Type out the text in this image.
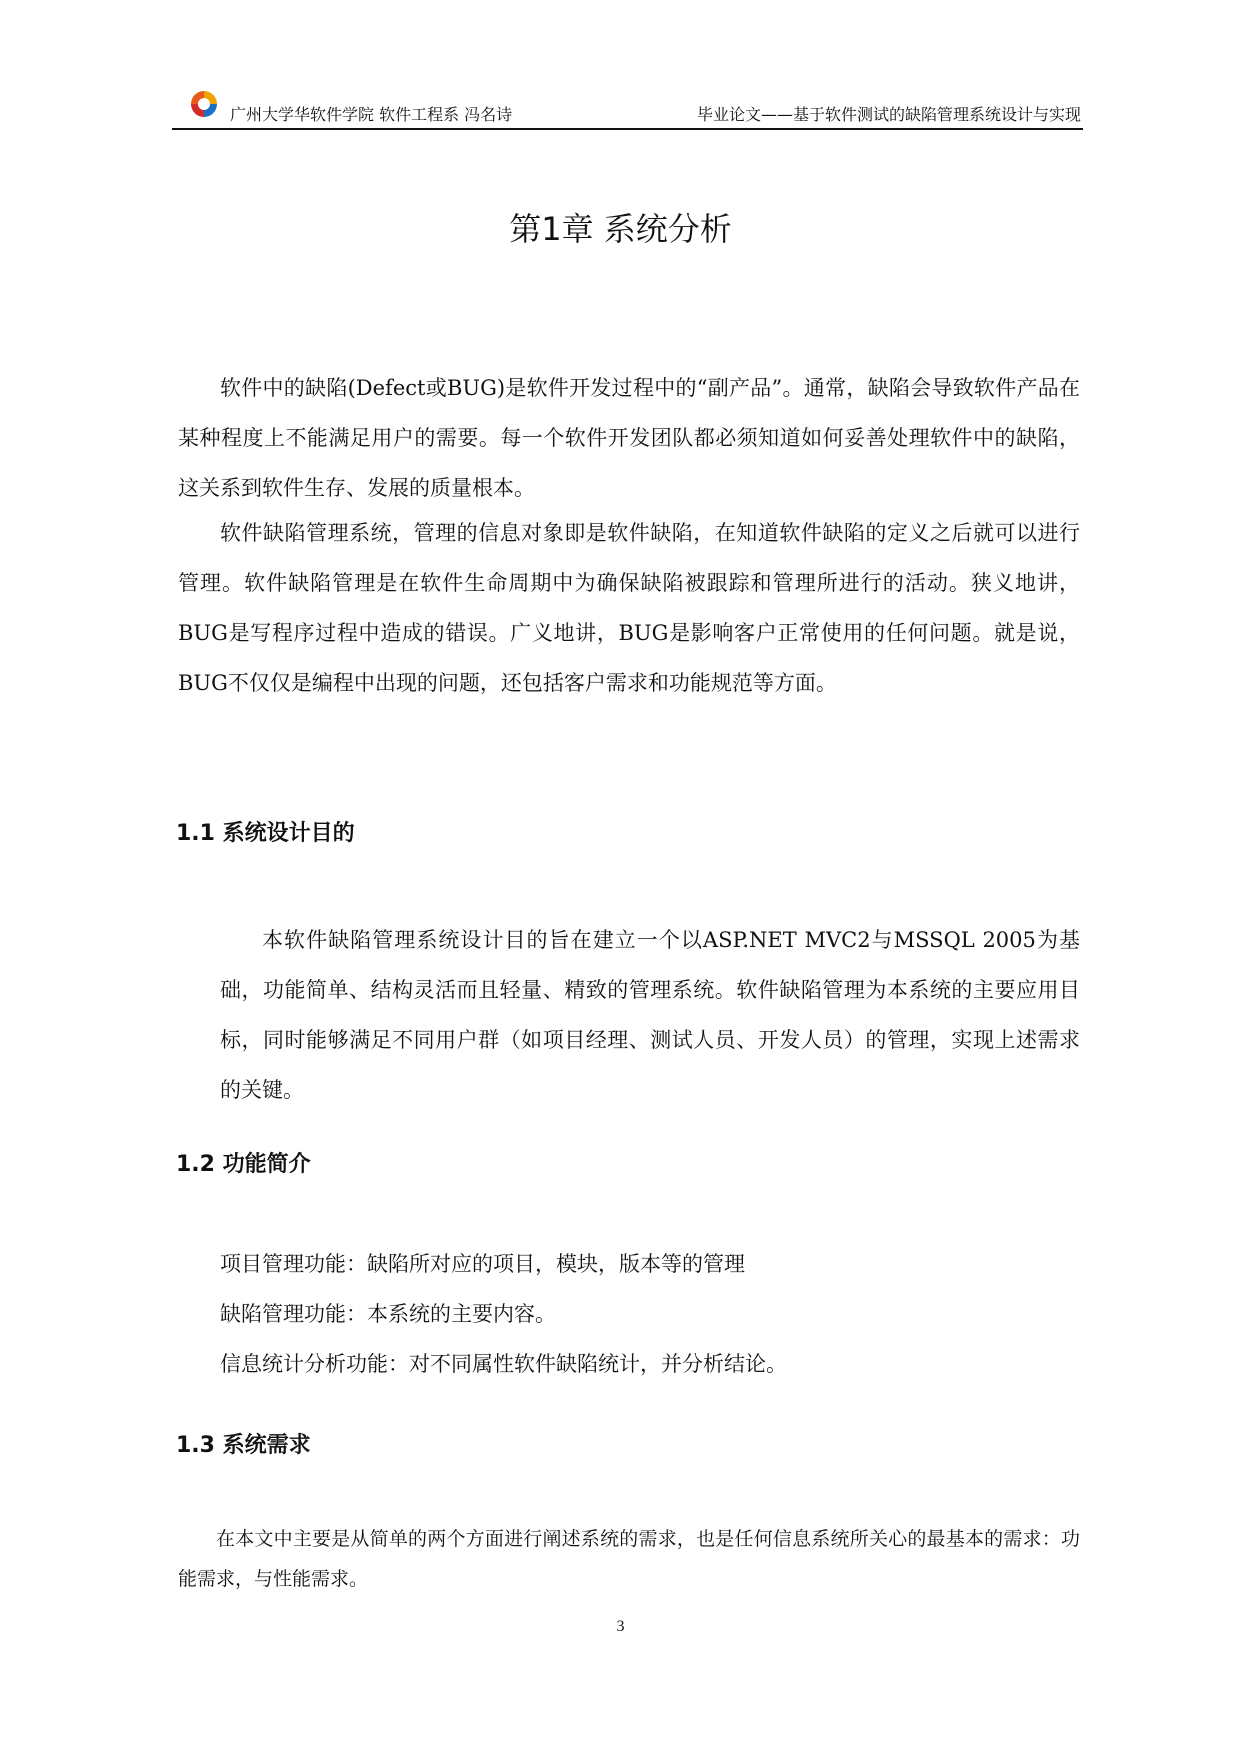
广州大学华软件学院 软件工程系 冯名诗	毕业论文——基于软件测试的缺陷管理系统设计与实现
第1章 系统分析

软件中的缺陷(Defect或BUG)是软件开发过程中的“副产品”。通常，缺陷会导致软件产品在某种程度上不能满足用户的需要。每一个软件开发团队都必须知道如何妥善处理软件中的缺陷，这关系到软件生存、发展的质量根本。

软件缺陷管理系统，管理的信息对象即是软件缺陷，在知道软件缺陷的定义之后就可以进行管理。软件缺陷管理是在软件生命周期中为确保缺陷被跟踪和管理所进行的活动。狭义地讲，BUG是写程序过程中造成的错误。广义地讲，BUG是影响客户正常使用的任何问题。就是说，BUG不仅仅是编程中出现的问题，还包括客户需求和功能规范等方面。

1.1 系统设计目的

本软件缺陷管理系统设计目的旨在建立一个以ASP.NET MVC2与MSSQL 2005为基础，功能简单、结构灵活而且轻量、精致的管理系统。软件缺陷管理为本系统的主要应用目标，同时能够满足不同用户群（如项目经理、测试人员、开发人员）的管理，实现上述需求的关键。

1.2 功能简介

项目管理功能：缺陷所对应的项目，模块，版本等的管理

缺陷管理功能：本系统的主要内容。

信息统计分析功能：对不同属性软件缺陷统计，并分析结论。

1.3 系统需求

在本文中主要是从简单的两个方面进行阐述系统的需求，也是任何信息系统所关心的最基本的需求：功能需求，与性能需求。

3
